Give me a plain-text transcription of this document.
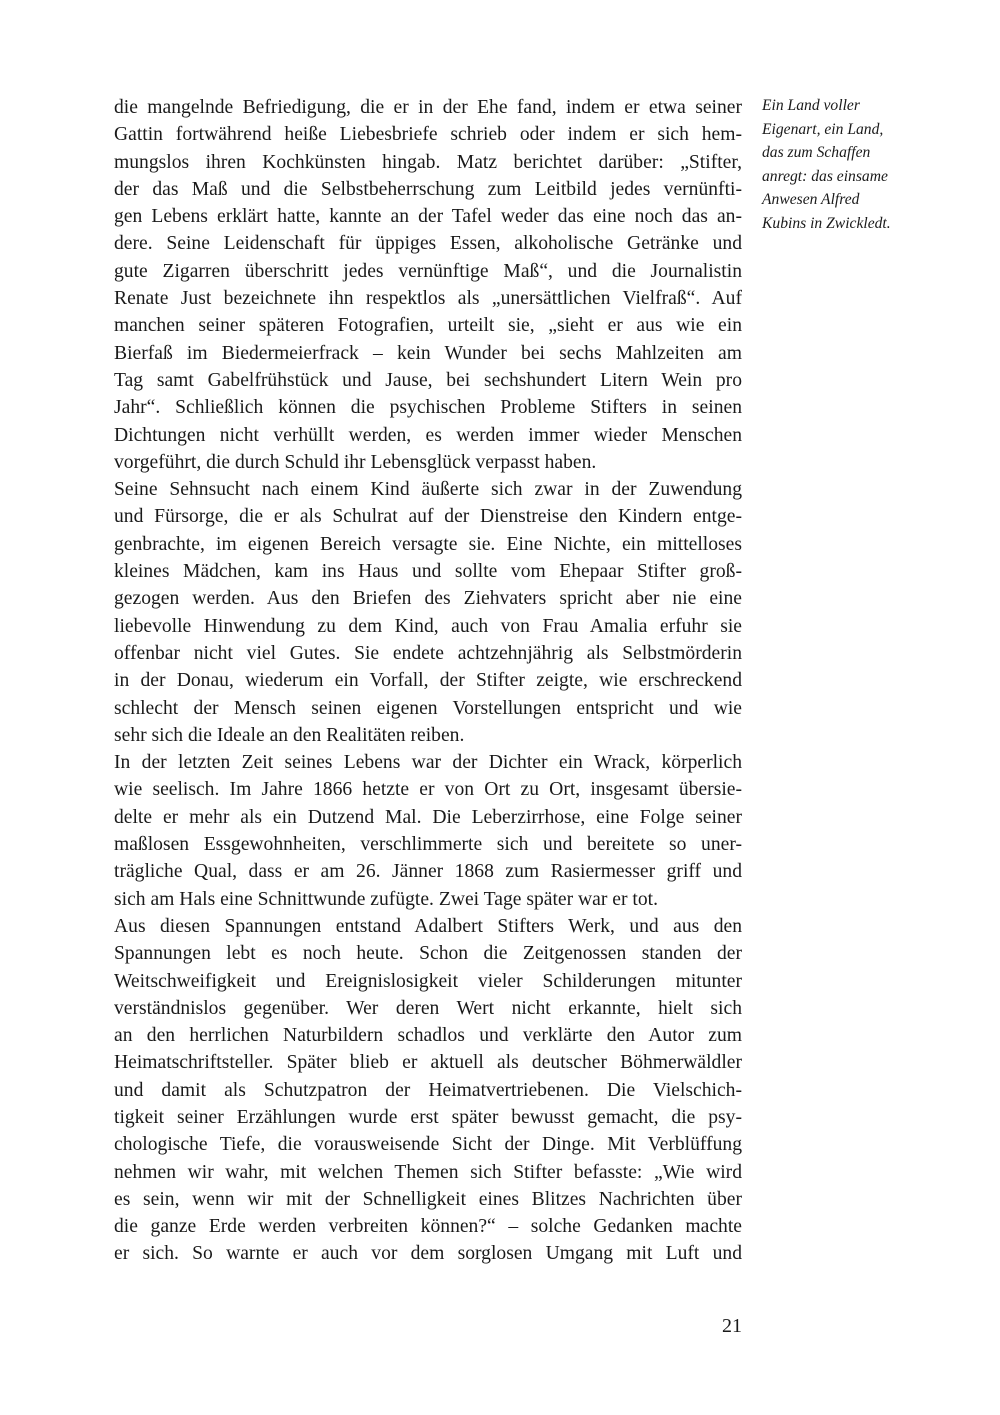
die mangelnde Befriedigung, die er in der Ehe fand, indem er etwa seiner
Gattin fortwährend heiße Liebesbriefe schrieb oder indem er sich hem-
mungslos ihren Kochkünsten hingab. Matz berichtet darüber: „Stifter,
der das Maß und die Selbstbeherrschung zum Leitbild jedes vernünfti-
gen Lebens erklärt hatte, kannte an der Tafel weder das eine noch das an-
dere. Seine Leidenschaft für üppiges Essen, alkoholische Getränke und
gute Zigarren überschritt jedes vernünftige Maß“, und die Journalistin
Renate Just bezeichnete ihn respektlos als „unersättlichen Vielfraß“. Auf
manchen seiner späteren Fotografien, urteilt sie, „sieht er aus wie ein
Bierfaß im Biedermeierfrack – kein Wunder bei sechs Mahlzeiten am
Tag samt Gabelfrühstück und Jause, bei sechshundert Litern Wein pro
Jahr“. Schließlich können die psychischen Probleme Stifters in seinen
Dichtungen nicht verhüllt werden, es werden immer wieder Menschen
vorgeführt, die durch Schuld ihr Lebensglück verpasst haben.
Seine Sehnsucht nach einem Kind äußerte sich zwar in der Zuwendung
und Fürsorge, die er als Schulrat auf der Dienstreise den Kindern entge-
genbrachte, im eigenen Bereich versagte sie. Eine Nichte, ein mittelloses
kleines Mädchen, kam ins Haus und sollte vom Ehepaar Stifter groß-
gezogen werden. Aus den Briefen des Ziehvaters spricht aber nie eine
liebevolle Hinwendung zu dem Kind, auch von Frau Amalia erfuhr sie
offenbar nicht viel Gutes. Sie endete achtzehnjährig als Selbstmörderin
in der Donau, wiederum ein Vorfall, der Stifter zeigte, wie erschreckend
schlecht der Mensch seinen eigenen Vorstellungen entspricht und wie
sehr sich die Ideale an den Realitäten reiben.
In der letzten Zeit seines Lebens war der Dichter ein Wrack, körperlich
wie seelisch. Im Jahre 1866 hetzte er von Ort zu Ort, insgesamt übersie-
delte er mehr als ein Dutzend Mal. Die Leberzirrhose, eine Folge seiner
maßlosen Essgewohnheiten, verschlimmerte sich und bereitete so uner-
trägliche Qual, dass er am 26. Jänner 1868 zum Rasiermesser griff und
sich am Hals eine Schnittwunde zufügte. Zwei Tage später war er tot.
Aus diesen Spannungen entstand Adalbert Stifters Werk, und aus den
Spannungen lebt es noch heute. Schon die Zeitgenossen standen der
Weitschweifigkeit und Ereignislosigkeit vieler Schilderungen mitunter
verständnislos gegenüber. Wer deren Wert nicht erkannte, hielt sich
an den herrlichen Naturbildern schadlos und verklärte den Autor zum
Heimatschriftsteller. Später blieb er aktuell als deutscher Böhmerwäldler
und damit als Schutzpatron der Heimatvertriebenen. Die Vielschich-
tigkeit seiner Erzählungen wurde erst später bewusst gemacht, die psy-
chologische Tiefe, die vorausweisende Sicht der Dinge. Mit Verblüffung
nehmen wir wahr, mit welchen Themen sich Stifter befasste: „Wie wird
es sein, wenn wir mit der Schnelligkeit eines Blitzes Nachrichten über
die ganze Erde werden verbreiten können?“ – solche Gedanken machte
er sich. So warnte er auch vor dem sorglosen Umgang mit Luft und
Ein Land voller
Eigenart, ein Land,
das zum Schaffen
anregt: das einsame
Anwesen Alfred
Kubins in Zwickledt.
21
